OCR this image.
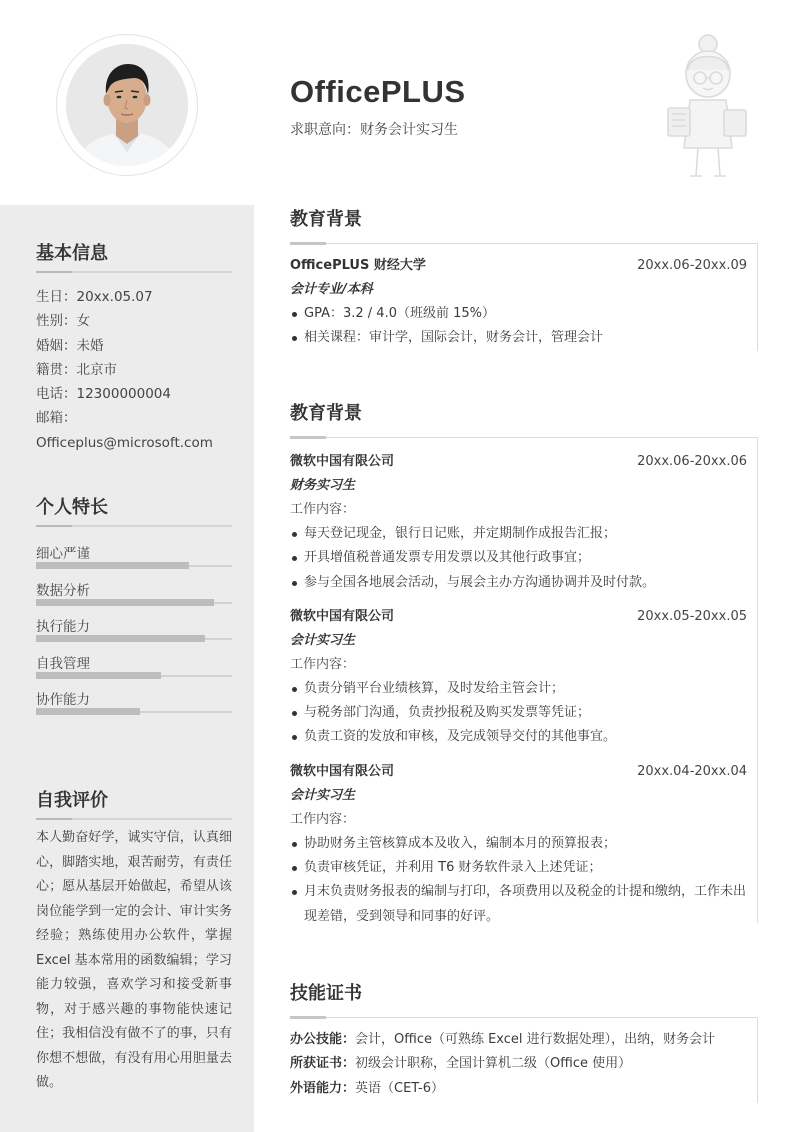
OfficePLUS
求职意向：财务会计实习生
基本信息
生日：20xx.05.07
性别：女
婚姻：未婚
籍贯：北京市
电话：12300000004
邮箱：
Officeplus@microsoft.com
个人特长
细心严谨
数据分析
执行能力
自我管理
协作能力
自我评价
本人勤奋好学，诚实守信，认真细心，脚踏实地，艰苦耐劳，有责任心；愿从基层开始做起，希望从该岗位能学到一定的会计、审计实务经验；熟练使用办公软件，掌握 Excel 基本常用的函数编辑；学习能力较强，喜欢学习和接受新事物，对于感兴趣的事物能快速记住；我相信没有做不了的事，只有你想不想做，有没有用心用胆量去做。
教育背景
OfficePLUS 财经大学	20xx.06-20xx.09
会计专业/本科
GPA：3.2 / 4.0（班级前 15%）
相关课程：审计学，国际会计，财务会计，管理会计
教育背景
微软中国有限公司	20xx.06-20xx.06
财务实习生
工作内容：
每天登记现金，银行日记账，并定期制作成报告汇报；
开具增值税普通发票专用发票以及其他行政事宜；
参与全国各地展会活动，与展会主办方沟通协调并及时付款。
微软中国有限公司	20xx.05-20xx.05
会计实习生
工作内容：
负责分销平台业绩核算，及时发给主管会计；
与税务部门沟通，负责抄报税及购买发票等凭证；
负责工资的发放和审核，及完成领导交付的其他事宜。
微软中国有限公司	20xx.04-20xx.04
会计实习生
工作内容：
协助财务主管核算成本及收入，编制本月的预算报表；
负责审核凭证，并利用 T6 财务软件录入上述凭证；
月末负责财务报表的编制与打印，各项费用以及税金的计提和缴纳，工作未出现差错，受到领导和同事的好评。
技能证书
办公技能：会计，Office（可熟练 Excel 进行数据处理），出纳，财务会计
所获证书：初级会计职称，全国计算机二级（Office 使用）
外语能力：英语（CET-6）
